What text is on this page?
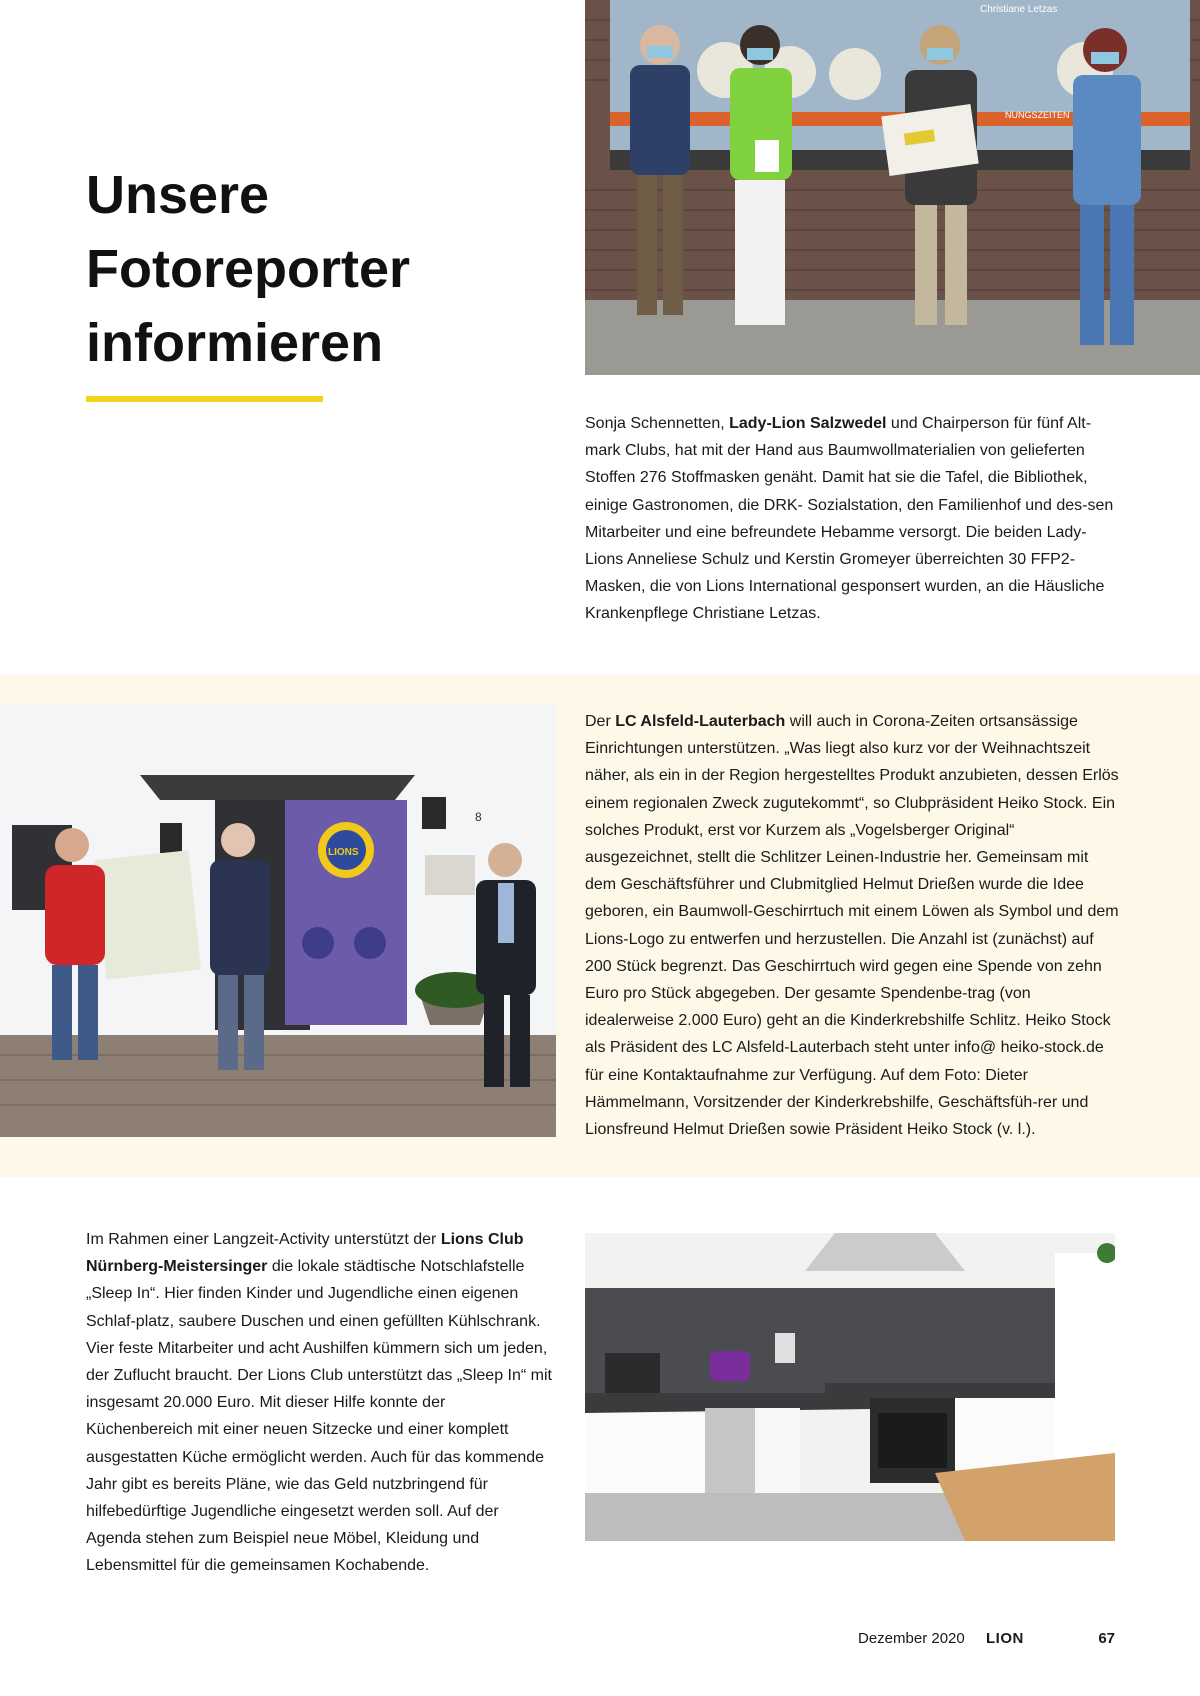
Unsere
Fotoreporter
informieren
Christiane Letzas
NUNGSZEITEN

Sonja Schennetten, Lady-Lion Salzwedel und Chairperson für fünf Alt-mark Clubs, hat mit der Hand aus Baumwollmaterialien von gelieferten Stoffen 276 Stoffmasken genäht. Damit hat sie die Tafel, die Bibliothek, einige Gastronomen, die DRK- Sozialstation, den Familienhof und des-sen Mitarbeiter und eine befreundete Hebamme versorgt. Die beiden Lady-Lions Anneliese Schulz und Kerstin Gromeyer überreichten 30 FFP2-Masken, die von Lions International gesponsert wurden, an die Häusliche Krankenpflege Christiane Letzas.

8
LIONS

Der LC Alsfeld-Lauterbach will auch in Corona-Zeiten ortsansässige Einrichtungen unterstützen. „Was liegt also kurz vor der Weihnachtszeit näher, als ein in der Region hergestelltes Produkt anzubieten, dessen Erlös einem regionalen Zweck zugutekommt“, so Clubpräsident Heiko Stock. Ein solches Produkt, erst vor Kurzem als „Vogelsberger Original“ ausgezeichnet, stellt die Schlitzer Leinen-Industrie her. Gemeinsam mit dem Geschäftsführer und Clubmitglied Helmut Drießen wurde die Idee geboren, ein Baumwoll-Geschirrtuch mit einem Löwen als Symbol und dem Lions-Logo zu entwerfen und herzustellen. Die Anzahl ist (zunächst) auf 200 Stück begrenzt. Das Geschirrtuch wird gegen eine Spende von zehn Euro pro Stück abgegeben. Der gesamte Spendenbe-trag (von idealerweise 2.000 Euro) geht an die Kinderkrebshilfe Schlitz. Heiko Stock als Präsident des LC Alsfeld-Lauterbach steht unter info@ heiko-stock.de für eine Kontaktaufnahme zur Verfügung. Auf dem Foto: Dieter Hämmelmann, Vorsitzender der Kinderkrebshilfe, Geschäftsfüh-rer und Lionsfreund Helmut Drießen sowie Präsident Heiko Stock (v. l.).

Im Rahmen einer Langzeit-Activity unterstützt der Lions Club Nürnberg-Meistersinger die lokale städtische Notschlafstelle „Sleep In“. Hier finden Kinder und Jugendliche einen eigenen Schlaf-platz, saubere Duschen und einen gefüllten Kühlschrank. Vier feste Mitarbeiter und acht Aushilfen kümmern sich um jeden, der Zuflucht braucht. Der Lions Club unterstützt das „Sleep In“ mit insgesamt 20.000 Euro. Mit dieser Hilfe konnte der Küchenbereich mit einer neuen Sitzecke und einer komplett ausgestatten Küche ermöglicht werden. Auch für das kommende Jahr gibt es bereits Pläne, wie das Geld nutzbringend für hilfebedürftige Jugendliche eingesetzt werden soll. Auf der Agenda stehen zum Beispiel neue Möbel, Kleidung und Lebensmittel für die gemeinsamen Kochabende.

Dezember 2020 LION	67
